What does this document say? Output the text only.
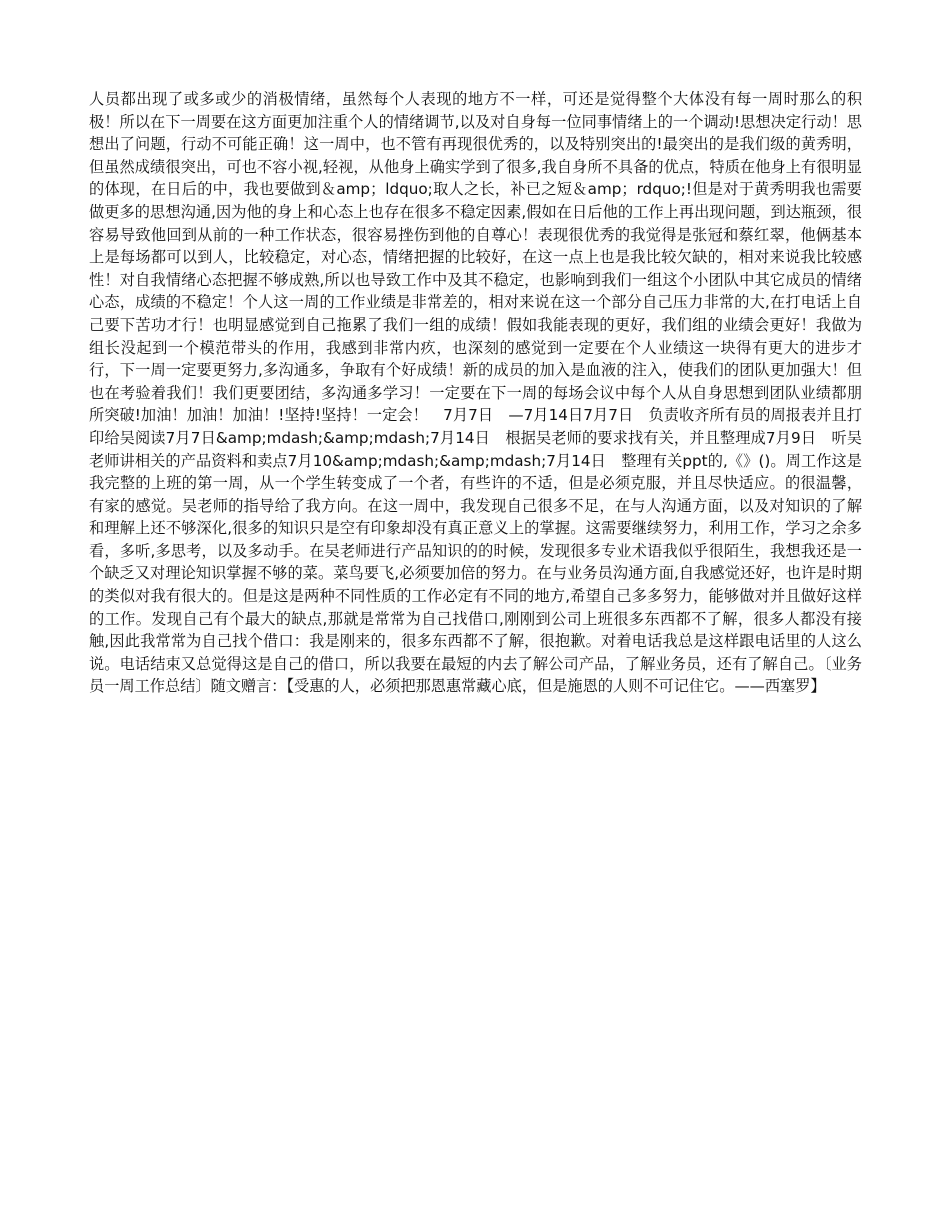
人员都出现了或多或少的消极情绪，虽然每个人表现的地方不一样，可还是觉得整个大体没有每一周时那么的积极！所以在下一周要在这方面更加注重个人的情绪调节,以及对自身每一位同事情绪上的一个调动!思想决定行动！思想出了问题，行动不可能正确！这一周中，也不管有再现很优秀的，以及特别突出的!最突出的是我们级的黄秀明，但虽然成绩很突出，可也不容小视,轻视，从他身上确实学到了很多,我自身所不具备的优点，特质在他身上有很明显的体现，在日后的中，我也要做到＆amp；ldquo;取人之长，补已之短＆amp；rdquo;!但是对于黄秀明我也需要做更多的思想沟通,因为他的身上和心态上也存在很多不稳定因素,假如在日后他的工作上再出现问题，到达瓶颈，很容易导致他回到从前的一种工作状态，很容易挫伤到他的自尊心！表现很优秀的我觉得是张冠和蔡红翠，他俩基本上是每场都可以到人，比较稳定，对心态，情绪把握的比较好，在这一点上也是我比较欠缺的，相对来说我比较感性！对自我情绪心态把握不够成熟,所以也导致工作中及其不稳定，也影响到我们一组这个小团队中其它成员的情绪心态，成绩的不稳定！个人这一周的工作业绩是非常差的，相对来说在这一个部分自己压力非常的大,在打电话上自己要下苦功才行！也明显感觉到自己拖累了我们一组的成绩！假如我能表现的更好，我们组的业绩会更好！我做为组长没起到一个模范带头的作用，我感到非常内疚，也深刻的感觉到一定要在个人业绩这一块得有更大的进步才行，下一周一定要更努力,多沟通多，争取有个好成绩！新的成员的加入是血液的注入，使我们的团队更加强大！但也在考验着我们！我们更要团结，多沟通多学习！一定要在下一周的每场会议中每个人从自身思想到团队业绩都朋所突破!加油！加油！加油！!坚持!坚持！一定会！　7月7日　—7月14日7月7日　负责收齐所有员的周报表并且打印给吴阅读7月7日&amp;mdash;&amp;mdash;7月14日　根据吴老师的要求找有关，并且整理成7月9日　听吴老师讲相关的产品资料和卖点7月10&amp;mdash;&amp;mdash;7月14日　整理有关ppt的,《》()。周工作这是我完整的上班的第一周，从一个学生转变成了一个者，有些许的不适，但是必须克服，并且尽快适应。的很温馨，有家的感觉。吴老师的指导给了我方向。在这一周中，我发现自己很多不足，在与人沟通方面，以及对知识的了解和理解上还不够深化,很多的知识只是空有印象却没有真正意义上的掌握。这需要继续努力，利用工作，学习之余多看，多听,多思考，以及多动手。在吴老师进行产品知识的的时候，发现很多专业术语我似乎很陌生，我想我还是一个缺乏又对理论知识掌握不够的菜。菜鸟要飞,必须要加倍的努力。在与业务员沟通方面,自我感觉还好，也许是时期的类似对我有很大的。但是这是两种不同性质的工作必定有不同的地方,希望自己多多努力，能够做对并且做好这样的工作。发现自己有个最大的缺点,那就是常常为自己找借口,刚刚到公司上班很多东西都不了解，很多人都没有接触,因此我常常为自己找个借口：我是刚来的，很多东西都不了解，很抱歉。对着电话我总是这样跟电话里的人这么说。电话结束又总觉得这是自己的借口，所以我要在最短的内去了解公司产品，了解业务员，还有了解自己。〔业务员一周工作总结〕随文赠言：【受惠的人，必须把那恩惠常藏心底，但是施恩的人则不可记住它。——西塞罗】
